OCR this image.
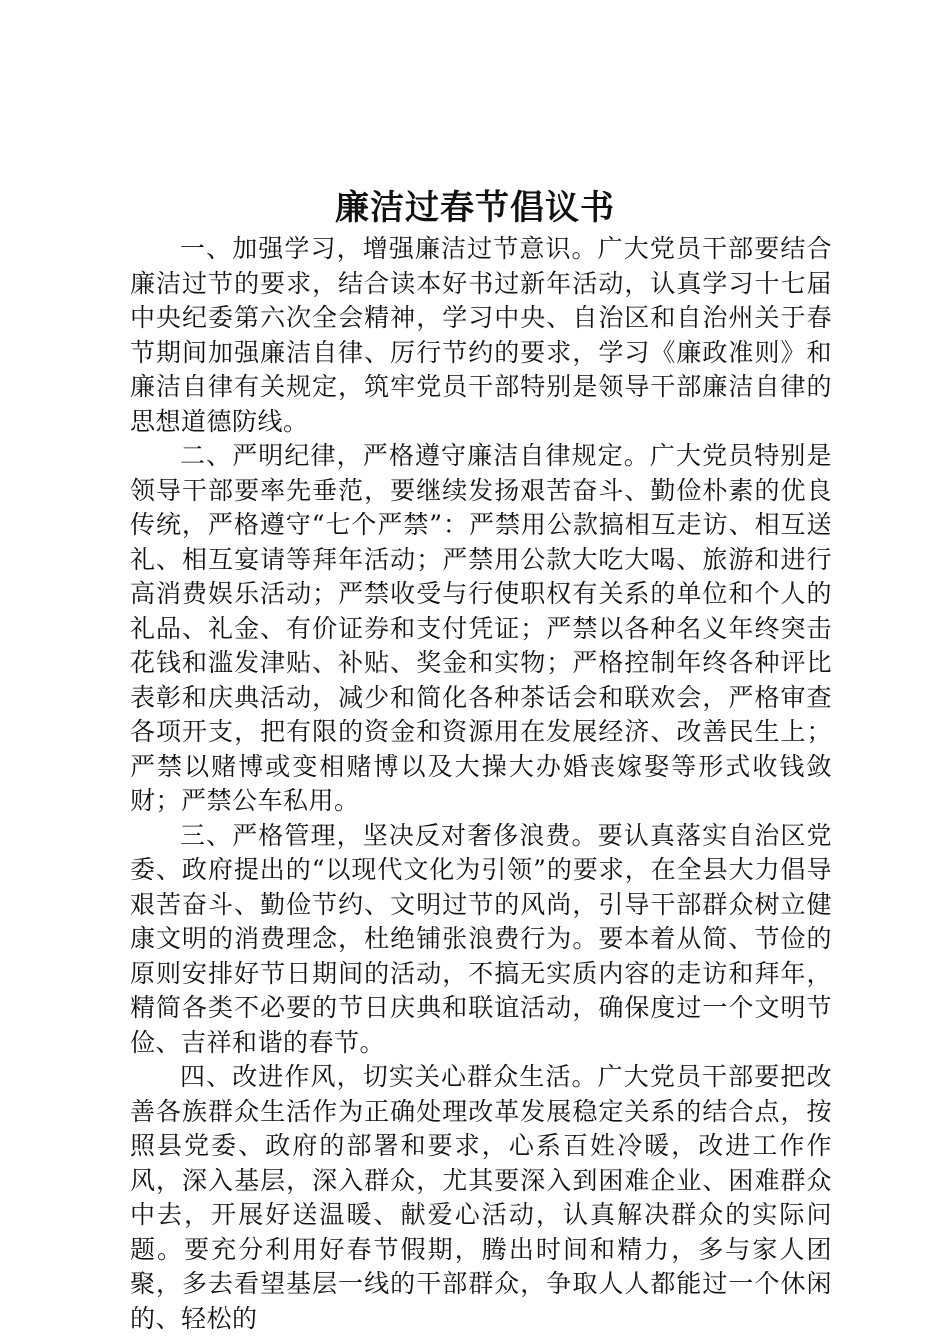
廉洁过春节倡议书

一、加强学习，增强廉洁过节意识。广大党员干部要结合廉洁过节的要求，结合读本好书过新年活动，认真学习十七届中央纪委第六次全会精神，学习中央、自治区和自治州关于春节期间加强廉洁自律、厉行节约的要求，学习《廉政准则》和廉洁自律有关规定，筑牢党员干部特别是领导干部廉洁自律的思想道德防线。

二、严明纪律，严格遵守廉洁自律规定。广大党员特别是领导干部要率先垂范，要继续发扬艰苦奋斗、勤俭朴素的优良传统，严格遵守“七个严禁”：严禁用公款搞相互走访、相互送礼、相互宴请等拜年活动；严禁用公款大吃大喝、旅游和进行高消费娱乐活动；严禁收受与行使职权有关系的单位和个人的礼品、礼金、有价证券和支付凭证；严禁以各种名义年终突击花钱和滥发津贴、补贴、奖金和实物；严格控制年终各种评比表彰和庆典活动，减少和简化各种茶话会和联欢会，严格审查各项开支，把有限的资金和资源用在发展经济、改善民生上；严禁以赌博或变相赌博以及大操大办婚丧嫁娶等形式收钱敛财；严禁公车私用。

三、严格管理，坚决反对奢侈浪费。要认真落实自治区党委、政府提出的“以现代文化为引领”的要求，在全县大力倡导艰苦奋斗、勤俭节约、文明过节的风尚，引导干部群众树立健康文明的消费理念，杜绝铺张浪费行为。要本着从简、节俭的原则安排好节日期间的活动，不搞无实质内容的走访和拜年，精简各类不必要的节日庆典和联谊活动，确保度过一个文明节俭、吉祥和谐的春节。

四、改进作风，切实关心群众生活。广大党员干部要把改善各族群众生活作为正确处理改革发展稳定关系的结合点，按照县党委、政府的部署和要求，心系百姓冷暖，改进工作作风，深入基层，深入群众，尤其要深入到困难企业、困难群众中去，开展好送温暖、献爱心活动，认真解决群众的实际问题。要充分利用好春节假期，腾出时间和精力，多与家人团聚，多去看望基层一线的干部群众，争取人人都能过一个休闲的、轻松的
